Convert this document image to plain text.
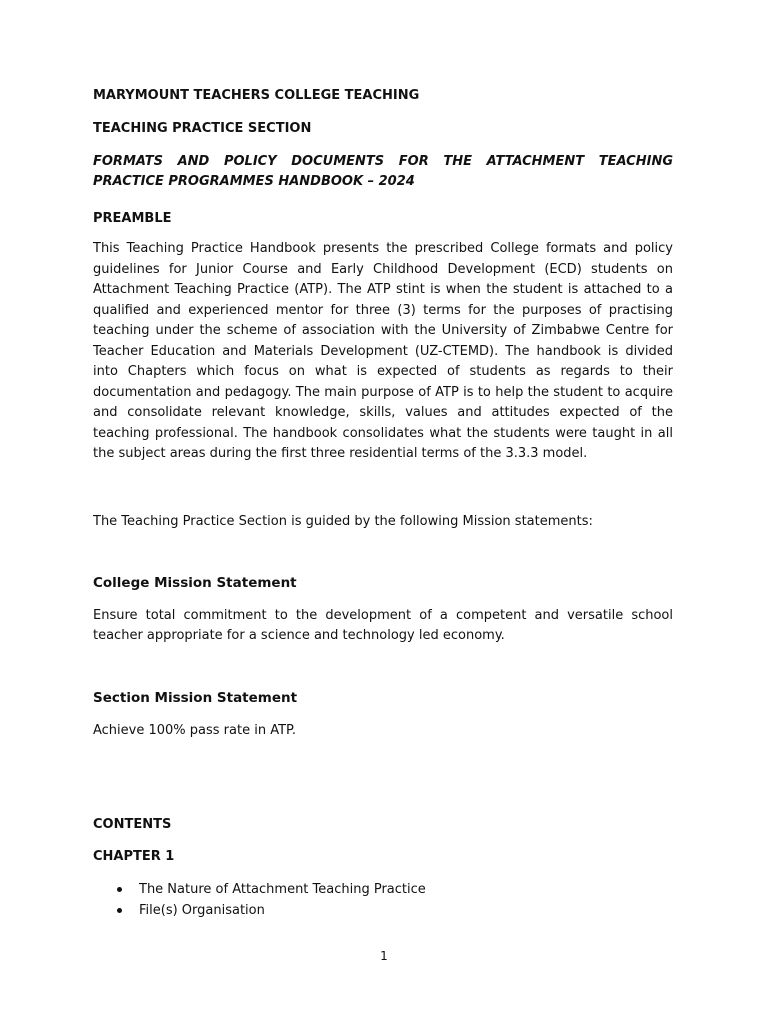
MARYMOUNT TEACHERS COLLEGE TEACHING

TEACHING PRACTICE SECTION

FORMATS AND POLICY DOCUMENTS FOR THE ATTACHMENT TEACHING PRACTICE PROGRAMMES HANDBOOK – 2024

PREAMBLE

This Teaching Practice Handbook presents the prescribed College formats and policy guidelines for Junior Course and Early Childhood Development (ECD) students on Attachment Teaching Practice (ATP). The ATP stint is when the student is attached to a qualified and experienced mentor for three (3) terms for the purposes of practising teaching under the scheme of association with the University of Zimbabwe Centre for Teacher Education and Materials Development (UZ-CTEMD). The handbook is divided into Chapters which focus on what is expected of students as regards to their documentation and pedagogy. The main purpose of ATP is to help the student to acquire and consolidate relevant knowledge, skills, values and attitudes expected of the teaching professional. The handbook consolidates what the students were taught in all the subject areas during the first three residential terms of the 3.3.3 model.

The Teaching Practice Section is guided by the following Mission statements:

College Mission Statement

Ensure total commitment to the development of a competent and versatile school teacher appropriate for a science and technology led economy.

Section Mission Statement

Achieve 100% pass rate in ATP.

CONTENTS

CHAPTER 1

The Nature of Attachment Teaching Practice
File(s) Organisation
1
